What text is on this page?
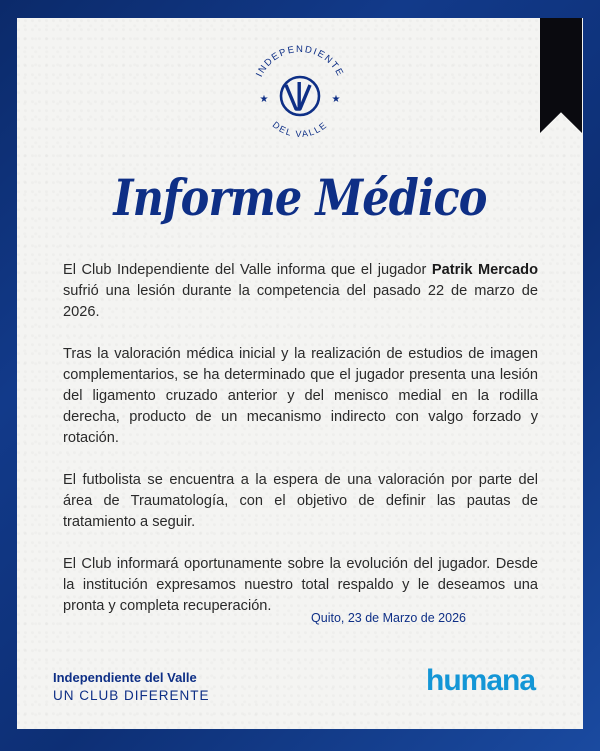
INDEPENDIENTE
DEL VALLE
★	★
Informe Médico

El Club Independiente del Valle informa que el jugador Patrik Mercado sufrió una lesión durante la competencia del pasado 22 de marzo de 2026.

Tras la valoración médica inicial y la realización de estudios de imagen complementarios, se ha determinado que el jugador presenta una lesión del ligamento cruzado anterior y del menisco medial en la rodilla derecha, producto de un mecanismo indirecto con valgo forzado y rotación.

El futbolista se encuentra a la espera de una valoración por parte del área de Traumatología, con el objetivo de definir las pautas de tratamiento a seguir.

El Club informará oportunamente sobre la evolución del jugador. Desde la institución expresamos nuestro total respaldo y le deseamos una pronta y completa recuperación.

Quito, 23 de Marzo de 2026
Independiente del Valle
UN CLUB DIFERENTE	humana
